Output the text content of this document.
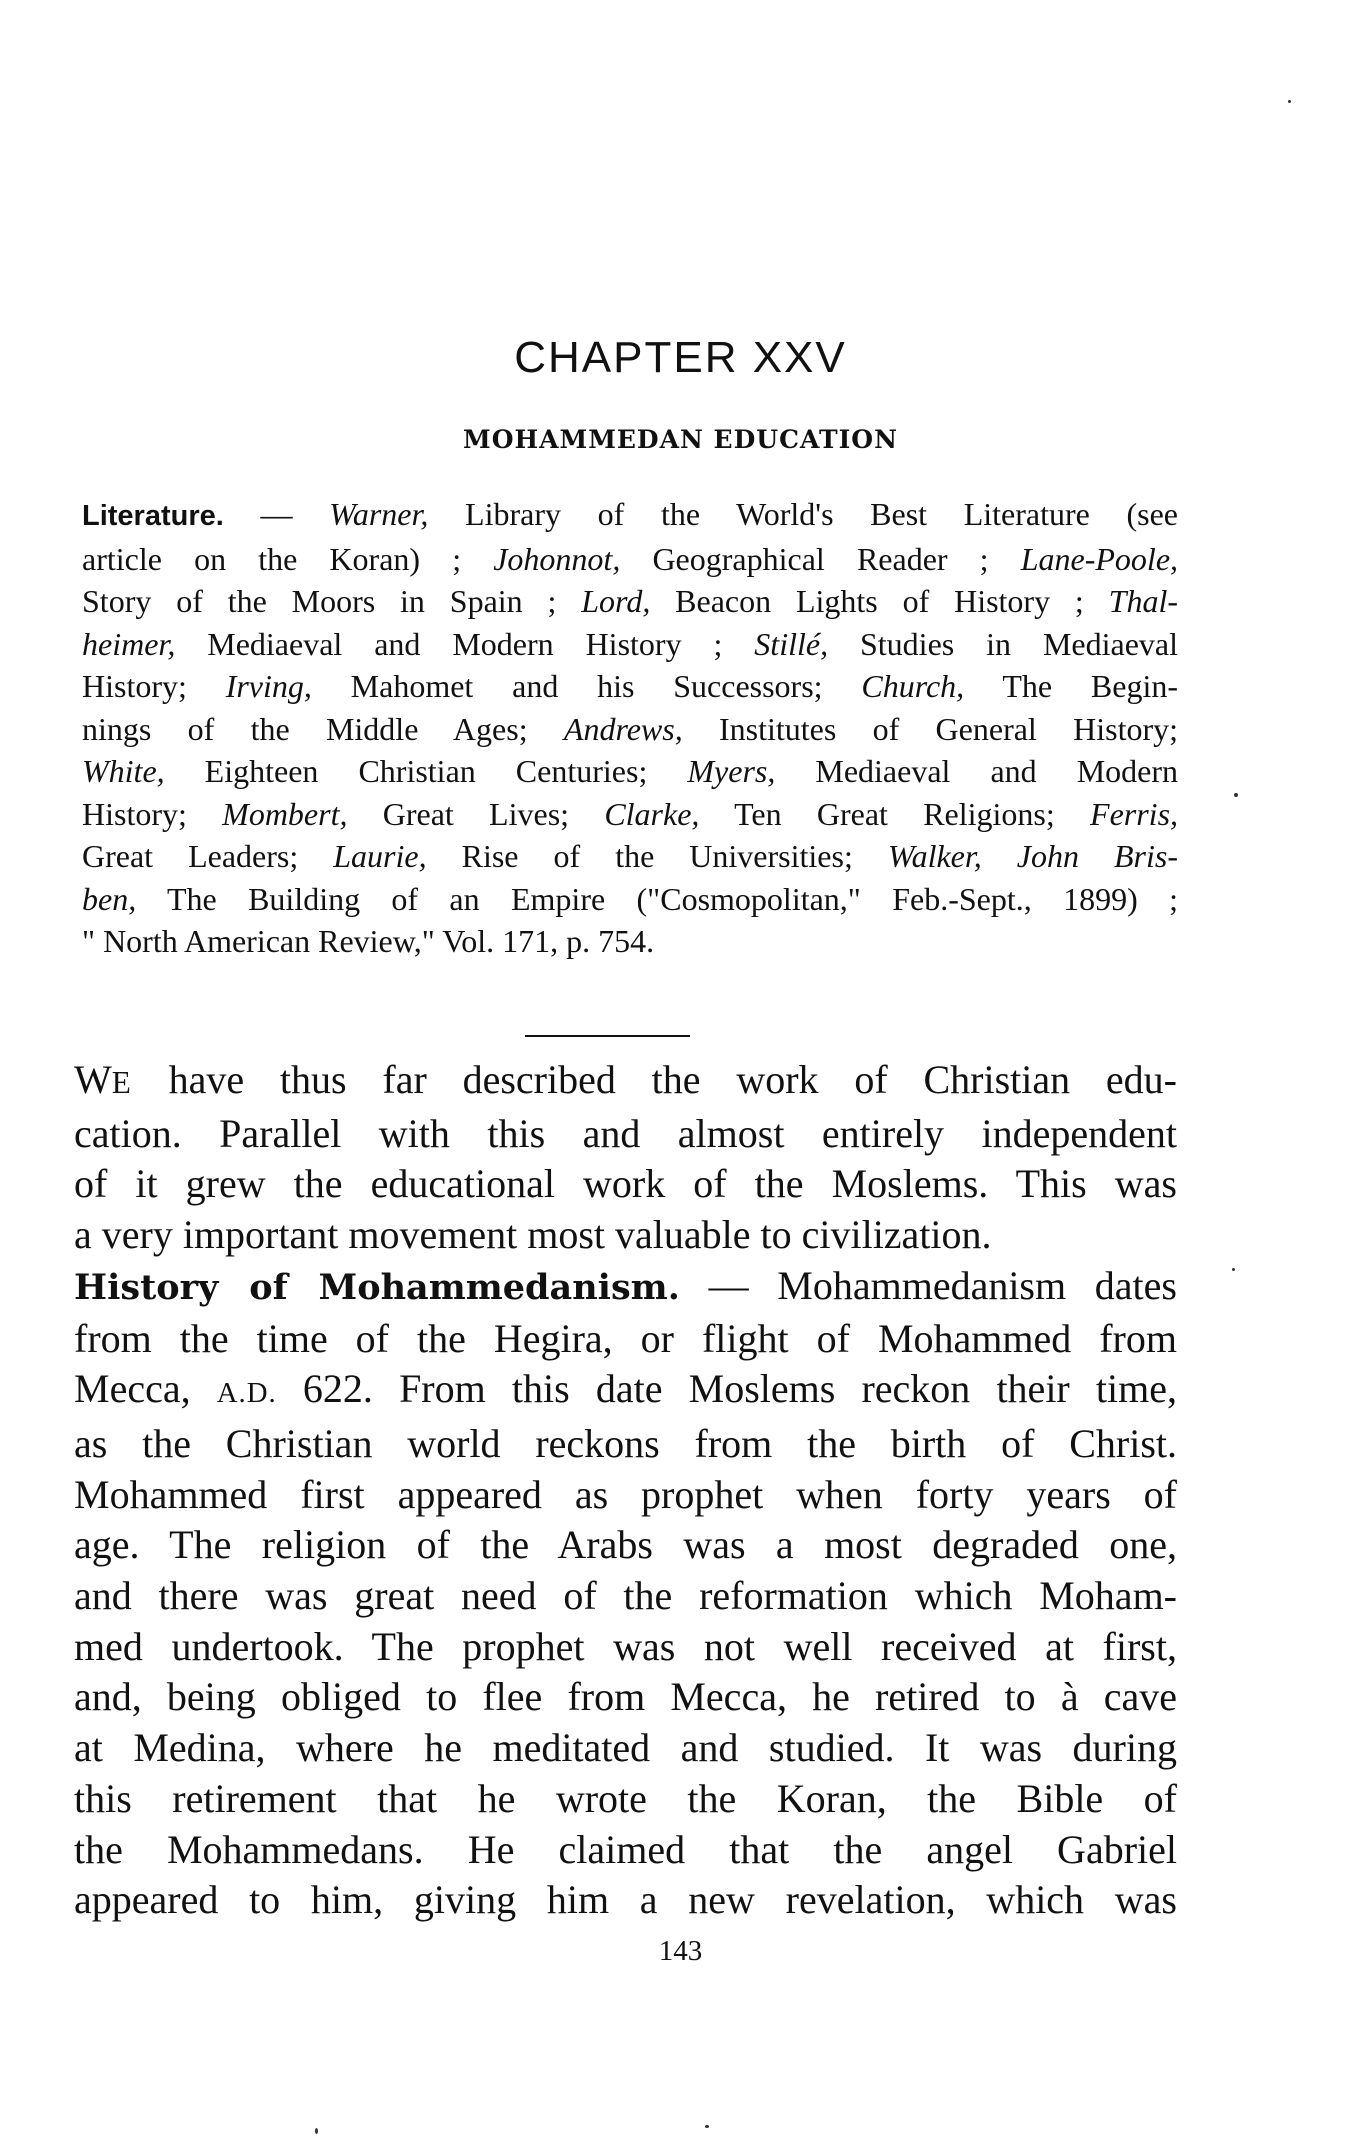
CHAPTER XXV
MOHAMMEDAN EDUCATION
Literature. — Warner, Library of the World's Best Literature (see
article on the Koran) ; Johonnot, Geographical Reader ; Lane-Poole,
Story of the Moors in Spain ; Lord, Beacon Lights of History ; Thal-
heimer, Mediaeval and Modern History ; Stillé, Studies in Mediaeval
History; Irving, Mahomet and his Successors; Church, The Begin-
nings of the Middle Ages; Andrews, Institutes of General History;
White, Eighteen Christian Centuries; Myers, Mediaeval and Modern
History; Mombert, Great Lives; Clarke, Ten Great Religions; Ferris,
Great Leaders; Laurie, Rise of the Universities; Walker, John Bris-
ben, The Building of an Empire ("Cosmopolitan," Feb.-Sept., 1899) ;
" North American Review," Vol. 171, p. 754.
WE have thus far described the work of Christian edu-
cation. Parallel with this and almost entirely independent
of it grew the educational work of the Moslems. This was
a very important movement most valuable to civilization.
History of Mohammedanism. — Mohammedanism dates
from the time of the Hegira, or flight of Mohammed from
Mecca, A.D. 622. From this date Moslems reckon their time,
as the Christian world reckons from the birth of Christ.
Mohammed first appeared as prophet when forty years of
age. The religion of the Arabs was a most degraded one,
and there was great need of the reformation which Moham-
med undertook. The prophet was not well received at first,
and, being obliged to flee from Mecca, he retired to à cave
at Medina, where he meditated and studied. It was during
this retirement that he wrote the Koran, the Bible of
the Mohammedans. He claimed that the angel Gabriel
appeared to him, giving him a new revelation, which was
143
